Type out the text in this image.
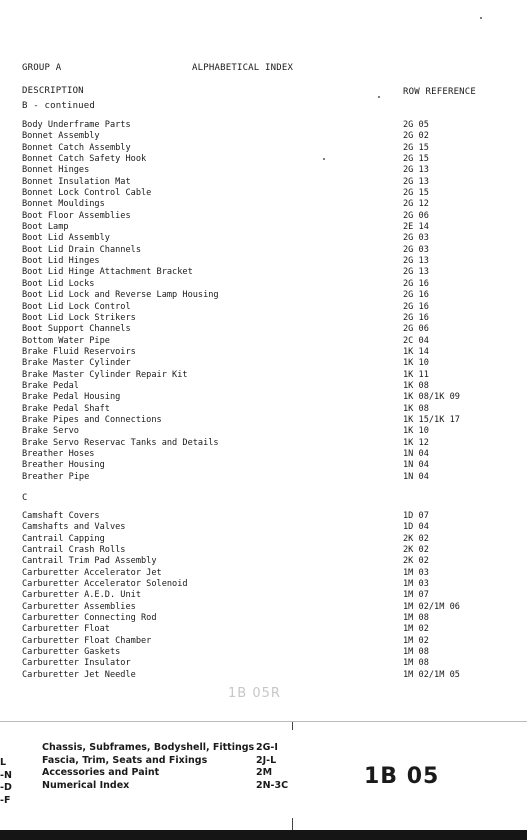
GROUP A	ALPHABETICAL INDEX
DESCRIPTION	ROW REFERENCE
B - continued
Body Underframe Parts	2G 05
Bonnet Assembly	2G 02
Bonnet Catch Assembly	2G 15
Bonnet Catch Safety Hook	2G 15
Bonnet Hinges	2G 13
Bonnet Insulation Mat	2G 13
Bonnet Lock Control Cable	2G 15
Bonnet Mouldings	2G 12
Boot Floor Assemblies	2G 06
Boot Lamp	2E 14
Boot Lid Assembly	2G 03
Boot Lid Drain Channels	2G 03
Boot Lid Hinges	2G 13
Boot Lid Hinge Attachment Bracket	2G 13
Boot Lid Locks	2G 16
Boot Lid Lock and Reverse Lamp Housing	2G 16
Boot Lid Lock Control	2G 16
Boot Lid Lock Strikers	2G 16
Boot Support Channels	2G 06
Bottom Water Pipe	2C 04
Brake Fluid Reservoirs	1K 14
Brake Master Cylinder	1K 10
Brake Master Cylinder Repair Kit	1K 11
Brake Pedal	1K 08
Brake Pedal Housing	1K 08/1K 09
Brake Pedal Shaft	1K 08
Brake Pipes and Connections	1K 15/1K 17
Brake Servo	1K 10
Brake Servo Reservac Tanks and Details	1K 12
Breather Hoses	1N 04
Breather Housing	1N 04
Breather Pipe	1N 04
C
Camshaft Covers	1D 07
Camshafts and Valves	1D 04
Cantrail Capping	2K 02
Cantrail Crash Rolls	2K 02
Cantrail Trim Pad Assembly	2K 02
Carburetter Accelerator Jet	1M 03
Carburetter Accelerator Solenoid	1M 03
Carburetter A.E.D. Unit	1M 07
Carburetter Assemblies	1M 02/1M 06
Carburetter Connecting Rod	1M 08
Carburetter Float	1M 02
Carburetter Float Chamber	1M 02
Carburetter Gaskets	1M 08
Carburetter Insulator	1M 08
Carburetter Jet Needle	1M 02/1M 05
1B 05R
L
-N
-D
-F
Chassis, Subframes, Bodyshell, Fittings 2G-I
Fascia, Trim, Seats and Fixings	2J-L
Accessories and Paint	2M
Numerical Index	2N-3C	1B 05
